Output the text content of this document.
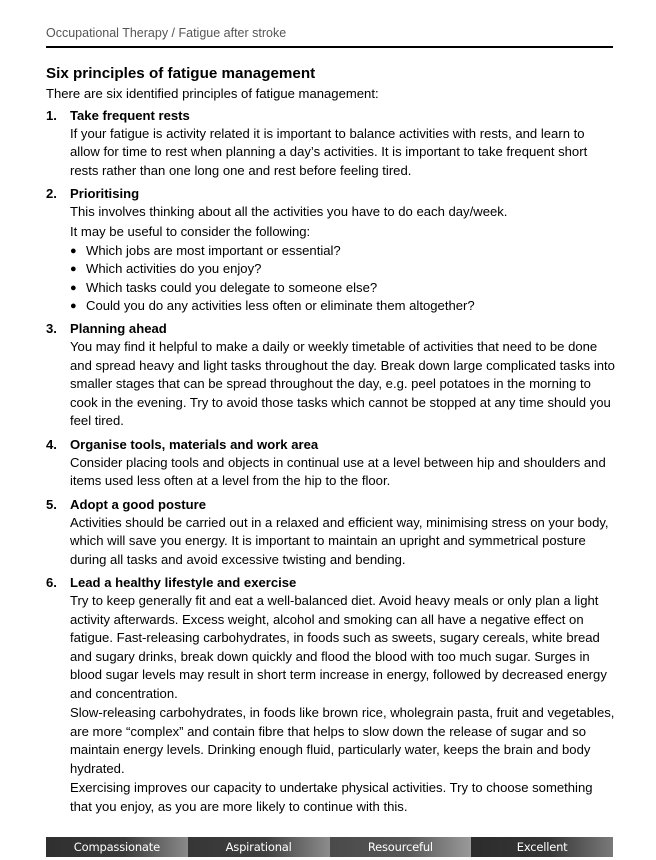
Occupational Therapy / Fatigue after stroke
Six principles of fatigue management

There are six identified principles of fatigue management:

1. Take frequent rests

If your fatigue is activity related it is important to balance activities with rests, and learn to allow for time to rest when planning a day’s activities. It is important to take frequent short rests rather than one long one and rest before feeling tired.

2. Prioritising

This involves thinking about all the activities you have to do each day/week.

It may be useful to consider the following:

● Which jobs are most important or essential?
● Which activities do you enjoy?
● Which tasks could you delegate to someone else?
● Could you do any activities less often or eliminate them altogether?
3. Planning ahead

You may find it helpful to make a daily or weekly timetable of activities that need to be done and spread heavy and light tasks throughout the day. Break down large complicated tasks into smaller stages that can be spread throughout the day, e.g. peel potatoes in the morning to cook in the evening. Try to avoid those tasks which cannot be stopped at any time should you feel tired.

4. Organise tools, materials and work area

Consider placing tools and objects in continual use at a level between hip and shoulders and items used less often at a level from the hip to the floor.

5. Adopt a good posture

Activities should be carried out in a relaxed and efficient way, minimising stress on your body, which will save you energy. It is important to maintain an upright and symmetrical posture during all tasks and avoid excessive twisting and bending.

6. Lead a healthy lifestyle and exercise

Try to keep generally fit and eat a well-balanced diet. Avoid heavy meals or only plan a light activity afterwards. Excess weight, alcohol and smoking can all have a negative effect on fatigue. Fast-releasing carbohydrates, in foods such as sweets, sugary cereals, white bread and sugary drinks, break down quickly and flood the blood with too much sugar. Surges in blood sugar levels may result in short term increase in energy, followed by decreased energy and concentration.

Slow-releasing carbohydrates, in foods like brown rice, wholegrain pasta, fruit and vegetables, are more “complex” and contain fibre that helps to slow down the release of sugar and so maintain energy levels. Drinking enough fluid, particularly water, keeps the brain and body hydrated.

Exercising improves our capacity to undertake physical activities. Try to choose something that you enjoy, as you are more likely to continue with this.

Compassionate	Aspirational	Resourceful	Excellent
